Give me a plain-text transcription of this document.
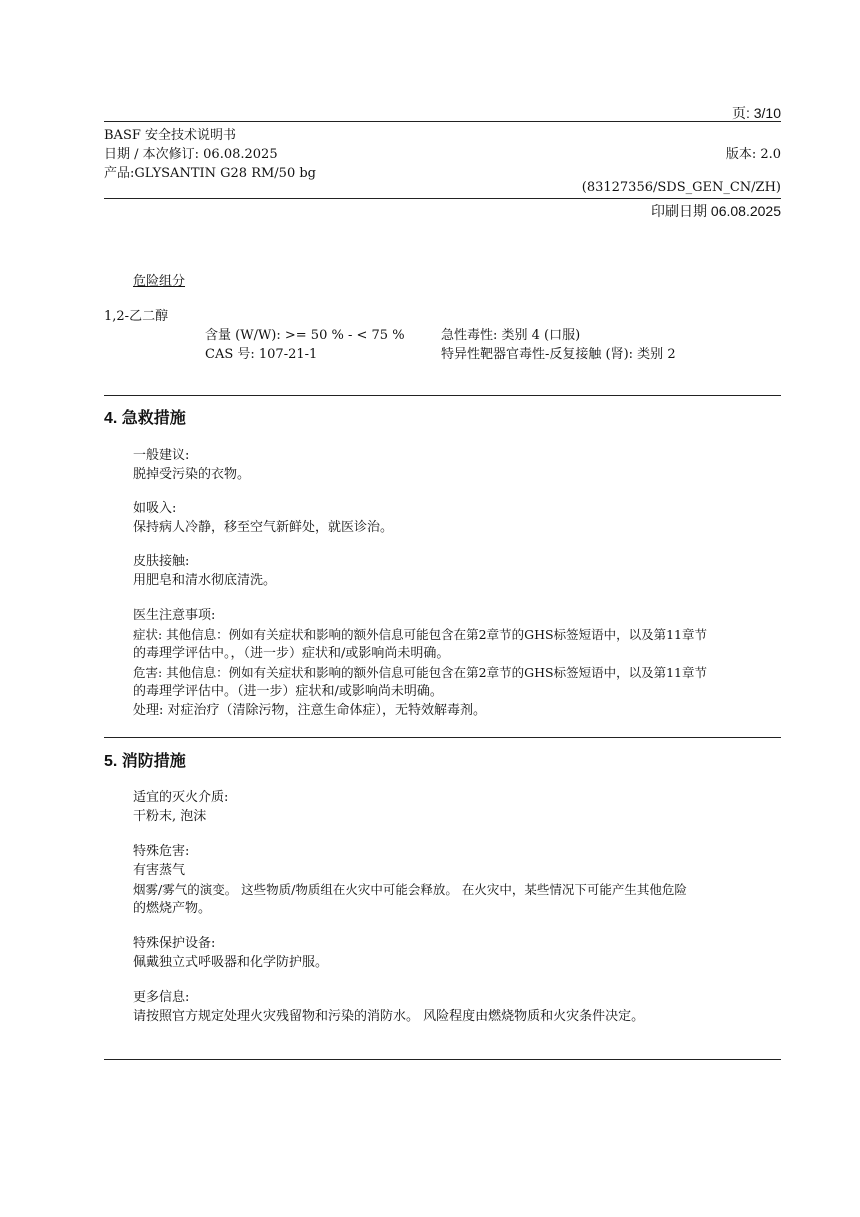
页: 3/10
BASF 安全技术说明书
日期 / 本次修订: 06.08.2025	版本: 2.0
产品:GLYSANTIN G28 RM/50 bg
(83127356/SDS_GEN_CN/ZH)
印刷日期 06.08.2025
危险组分
1,2-乙二醇
含量 (W/W): >= 50 % - < 75 %	急性毒性: 类别 4 (口服)
CAS 号: 107-21-1	特异性靶器官毒性-反复接触 (肾): 类别 2
4. 急救措施
一般建议:
脱掉受污染的衣物。
如吸入:
保持病人冷静，移至空气新鲜处，就医诊治。
皮肤接触:
用肥皂和清水彻底清洗。
医生注意事项:
症状: 其他信息：例如有关症状和影响的额外信息可能包含在第2章节的GHS标签短语中，以及第11章节
的毒理学评估中。，（进一步）症状和/或影响尚未明确。
危害: 其他信息：例如有关症状和影响的额外信息可能包含在第2章节的GHS标签短语中，以及第11章节
的毒理学评估中。（进一步）症状和/或影响尚未明确。
处理: 对症治疗（清除污物，注意生命体症），无特效解毒剂。
5. 消防措施
适宜的灭火介质:
干粉末, 泡沫
特殊危害:
有害蒸气
烟雾/雾气的演变。 这些物质/物质组在火灾中可能会释放。 在火灾中，某些情况下可能产生其他危险
的燃烧产物。
特殊保护设备:
佩戴独立式呼吸器和化学防护服。
更多信息:
请按照官方规定处理火灾残留物和污染的消防水。 风险程度由燃烧物质和火灾条件决定。
